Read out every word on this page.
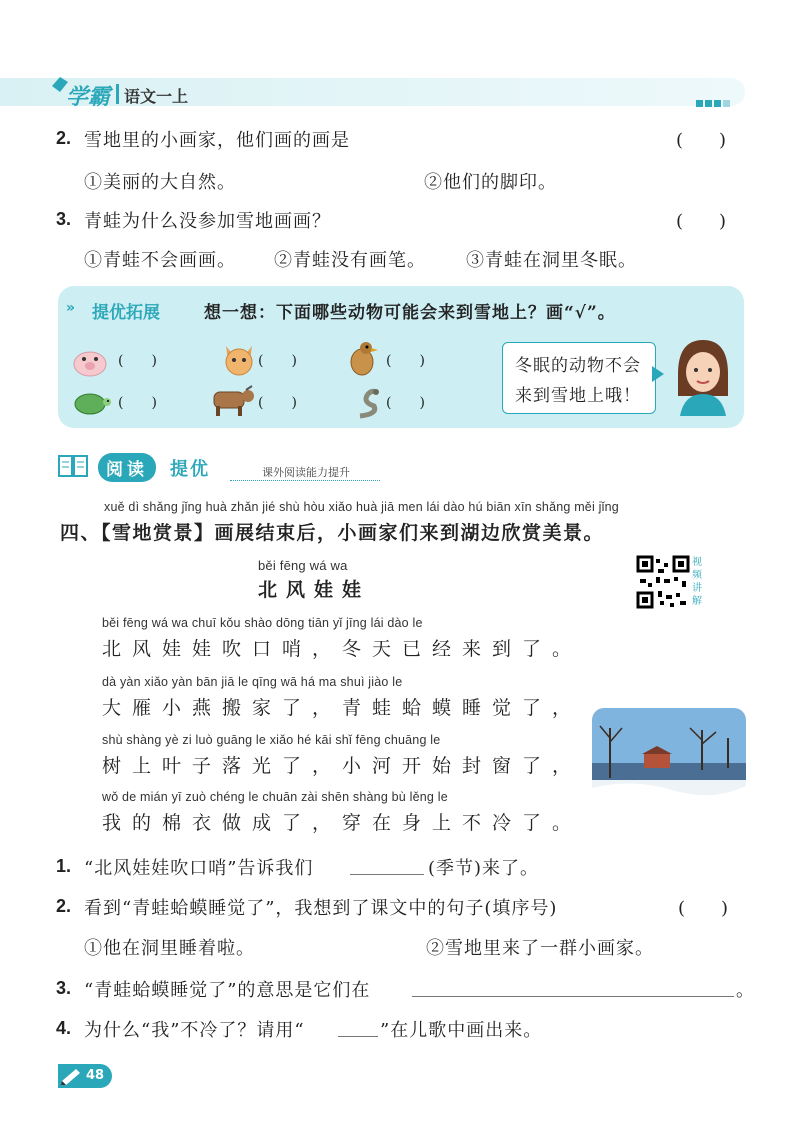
学霸 语文一上
2. 雪地里的小画家，他们画的画是	(　　)
①美丽的大自然。	②他们的脚印。
3. 青蛙为什么没参加雪地画画？	(　　)
①青蛙不会画画。 ②青蛙没有画笔。 ③青蛙在洞里冬眠。
» 提优拓展	想一想：下面哪些动物可能会来到雪地上？画“√”。
(　　)	(　　)	(　　)
(　　)	(　　)	(　　)
冬眠的动物不会
来到雪地上哦！
阅读	提优	课外阅读能力提升
xuě dì shǎng jǐng huà zhǎn jié shù hòu xiǎo huà jiā men lái dào hú biān xīn shǎng měi jǐng
四、【雪地赏景】画展结束后，小画家们来到湖边欣赏美景。
běi fēng wá wa
北风娃娃
视频讲解
běi fēng wá wa chuī kǒu shào dōng tiān yǐ jīng lái dào le
北风娃娃吹口哨，冬天已经来到了。
dà yàn xiǎo yàn bān jiā le qīng wā há ma shuì jiào le
大雁小燕搬家了，青蛙蛤蟆睡觉了，
shù shàng yè zi luò guāng le xiǎo hé kāi shǐ fēng chuāng le
树上叶子落光了，小河开始封窗了，
wǒ de mián yī zuò chéng le chuān zài shēn shàng bù lěng le
我的棉衣做成了，穿在身上不冷了。
1. “北风娃娃吹口哨”告诉我们	(季节)来了。
2. 看到“青蛙蛤蟆睡觉了”，我想到了课文中的句子(填序号)	(　　)
①他在洞里睡着啦。	②雪地里来了一群小画家。
3. “青蛙蛤蟆睡觉了”的意思是它们在	。
4. 为什么“我”不冷了？请用“	”在儿歌中画出来。
48
